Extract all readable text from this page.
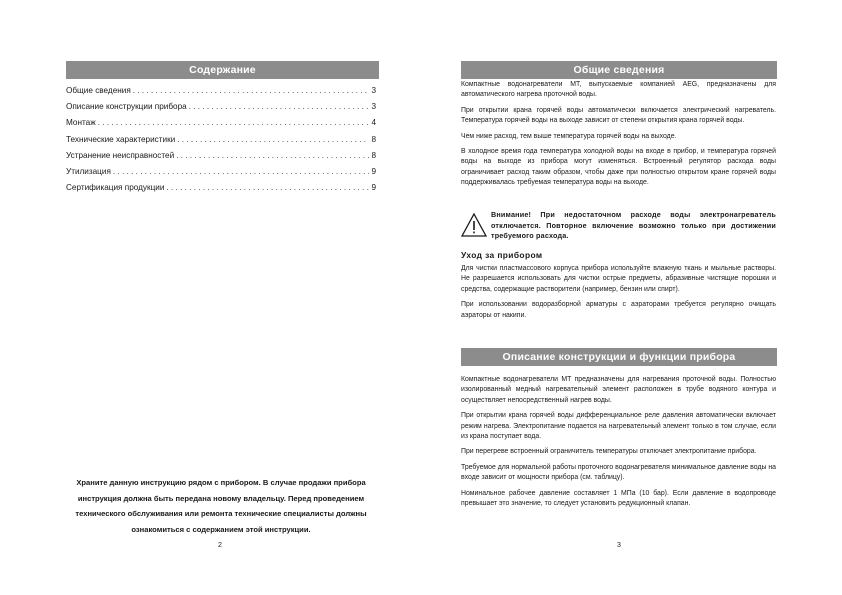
Содержание
Общие сведения . . .	3
Описание конструкции прибора . . .	3
Монтаж . . .	4
Технические характеристики . . .	8
Устранение неисправностей . . .	8
Утилизация . . .	9
Сертификация продукции . . .	9
Храните данную инструкцию рядом с прибором. В случае продажи прибора
инструкция должна быть передана новому владельцу. Перед проведением
технического обслуживания или ремонта технические специалисты должны
ознакомиться с содержанием этой инструкции.
2
Общие сведения

Компактные водонагреватели МТ, выпускаемые компанией AEG, предназначены для автоматического нагрева проточной воды.

При открытии крана горячей воды автоматически включается электрический нагреватель. Температура горячей воды на выходе зависит от степени открытия крана горячей воды.

Чем ниже расход, тем выше температура горячей воды на выходе.

В холодное время года температура холодной воды на входе в прибор, и температура горячей воды на выходе из прибора могут изменяться. Встроенный регулятор расхода воды ограничивает расход таким образом, чтобы даже при полностью открытом кране горячей воды поддерживалась требуемая температура воды на выходе.

Внимание! При недостаточном расходе воды электронагреватель отключается. Повторное включение возможно только при достижении требуемого расхода.
Уход за прибором

Для чистки пластмассового корпуса прибора используйте влажную ткань и мыльные растворы. Не разрешается использовать для чистки острые предметы, абразивные чистящие порошки и средства, содержащие растворители (например, бензин или спирт).

При использовании водоразборной арматуры с аэраторами требуется регулярно очищать аэраторы от накипи.

Описание конструкции и функции прибора

Компактные водонагреватели МТ предназначены для нагревания проточной воды. Полностью изолированный медный нагревательный элемент расположен в трубе водяного контура и осуществляет непосредственный нагрев воды.

При открытии крана горячей воды дифференциальное реле давления автоматически включает режим нагрева. Электропитание подается на нагревательный элемент только в том случае, если из крана поступает вода.

При перегреве встроенный ограничитель температуры отключает электропитание прибора.

Требуемое для нормальной работы проточного водонагревателя минимальное давление воды на входе зависит от мощности прибора (см. таблицу).

Номинальное рабочее давление составляет 1 МПа (10 бар). Если давление в водопроводе превышает это значение, то следует установить редукционный клапан.

3
